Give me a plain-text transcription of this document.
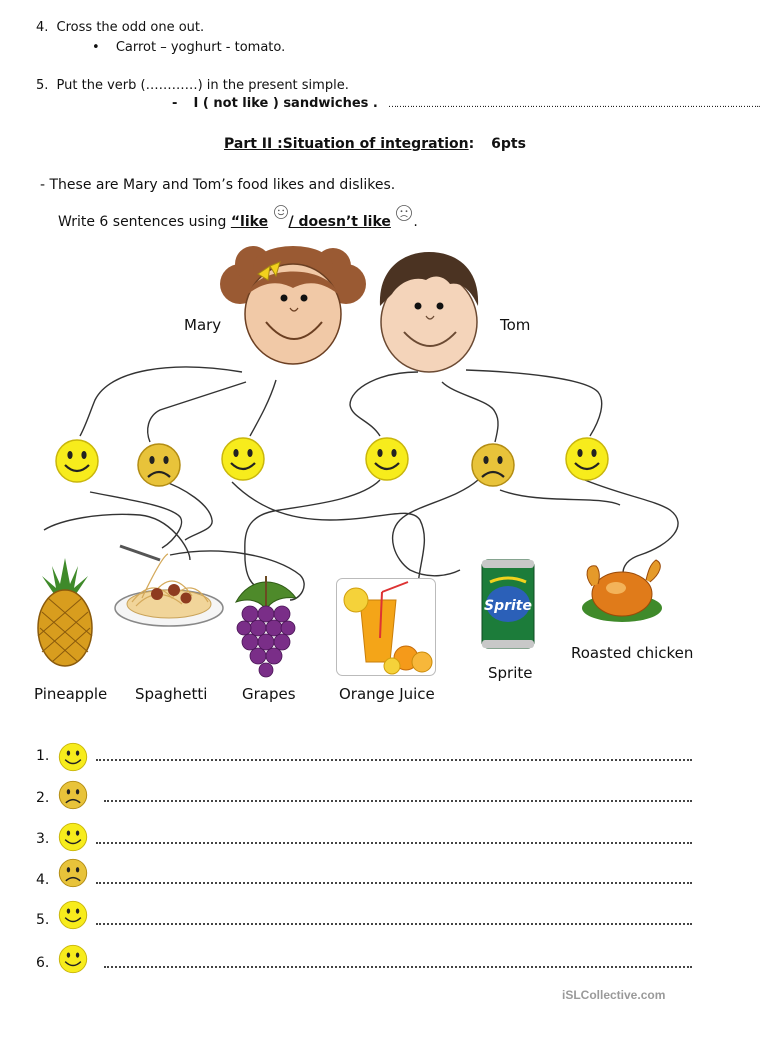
4. Cross the odd one out.
• Carrot – yoghurt - tomato.
5. Put the verb (…………) in the present simple.
- I ( not like ) sandwiches . …………………………………………………………………………………………………………………………..
Part II :Situation of integration: 6pts
- These are Mary and Tom’s food likes and dislikes.
Write 6 sentences using “like / doesn’t like .
Mary	Tom
Pineapple Spaghetti Grapes	Orange Juice
Sprite
Sprite
Roasted chicken
1.
2.
3.
4.
5.
6.
iSLCollective.com
